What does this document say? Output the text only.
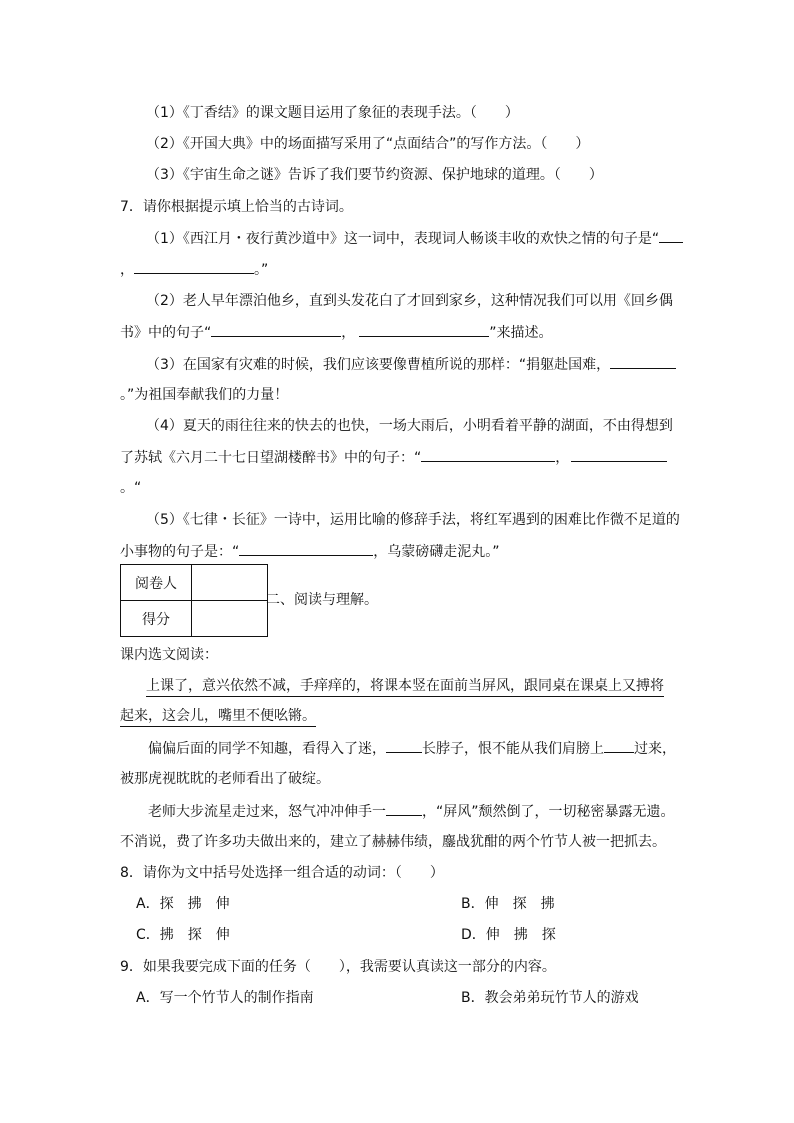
（1）《丁香结》的课文题目运用了象征的表现手法。（　　）
（2）《开国大典》中的场面描写采用了“点面结合”的写作方法。（　　）
（3）《宇宙生命之谜》告诉了我们要节约资源、保护地球的道理。（　　）
7．请你根据提示填上恰当的古诗词。
（1）《西江月・夜行黄沙道中》这一词中，表现词人畅谈丰收的欢快之情的句子是“
，	。”
（2）老人早年漂泊他乡，直到头发花白了才回到家乡，这种情况我们可以用《回乡偶
书》中的句子“	，	”来描述。
（3）在国家有灾难的时候，我们应该要像曹植所说的那样：“捐躯赴国难，
。”为祖国奉献我们的力量！
（4）夏天的雨往往来的快去的也快，一场大雨后，小明看着平静的湖面，不由得想到
了苏轼《六月二十七日望湖楼醉书》中的句子：“	，
。“
（5）《七律・长征》一诗中，运用比喻的修辞手法，将红军遇到的困难比作微不足道的
小事物的句子是：“	，乌蒙磅礴走泥丸。”
阅卷人	
得分	
二、阅读与理解。
课内选文阅读：
上课了，意兴依然不减，手痒痒的，将课本竖在面前当屏风，跟同桌在课桌上又搏将
起来，这会儿，嘴里不便吆锵。
偏偏后面的同学不知趣，看得入了迷，	长脖子，恨不能从我们肩膀上 过来，
被那虎视眈眈的老师看出了破绽。
老师大步流星走过来，怒气冲冲伸手一	，“屏风”颓然倒了，一切秘密暴露无遗。
不消说，费了许多功夫做出来的，建立了赫赫伟绩，鏖战犹酣的两个竹节人被一把抓去。
8．请你为文中括号处选择一组合适的动词：（　　）
A．探　拂　伸	B．伸　探　拂
C．拂　探　伸	D．伸　拂　探
9．如果我要完成下面的任务（　　），我需要认真读这一部分的内容。
A．写一个竹节人的制作指南	B．教会弟弟玩竹节人的游戏
